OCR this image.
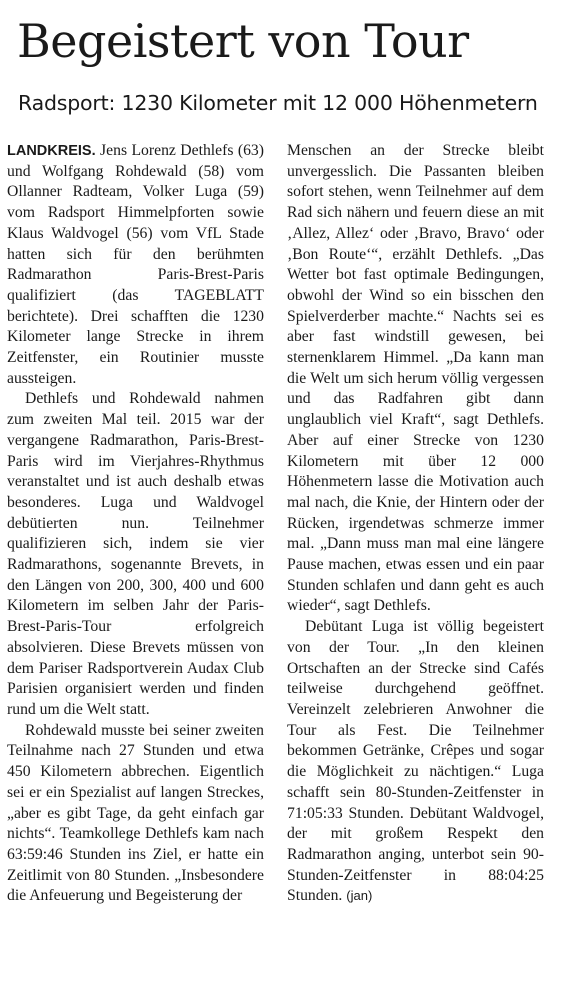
Begeistert von Tour
Radsport: 1230 Kilometer mit 12 000 Höhenmetern

LANDKREIS. Jens Lorenz Dethlefs (63) und Wolfgang Rohdewald (58) vom Ollanner Radteam, Volker Luga (59) vom Radsport Himmelpforten sowie Klaus Waldvogel (56) vom VfL Stade hatten sich für den berühmten Radmarathon Paris-Brest-Paris qualifiziert (das TAGEBLATT berichtete). Drei schafften die 1230 Kilometer lange Strecke in ihrem Zeitfenster, ein Routinier musste aussteigen.

Dethlefs und Rohdewald nahmen zum zweiten Mal teil. 2015 war der vergangene Radmarathon, Paris-Brest-Paris wird im Vierjahres-Rhythmus veranstaltet und ist auch deshalb etwas besonderes. Luga und Waldvogel debütierten nun. Teilnehmer qualifizieren sich, indem sie vier Radmarathons, sogenannte Brevets, in den Längen von 200, 300, 400 und 600 Kilometern im selben Jahr der Paris-Brest-Paris-Tour erfolgreich absolvieren. Diese Brevets müssen von dem Pariser Radsportverein Audax Club Parisien organisiert werden und finden rund um die Welt statt.

Rohdewald musste bei seiner zweiten Teilnahme nach 27 Stunden und etwa 450 Kilometern abbrechen. Eigentlich sei er ein Spezialist auf langen Streckes, „aber es gibt Tage, da geht einfach gar nichts“. Teamkollege Dethlefs kam nach 63:59:46 Stunden ins Ziel, er hatte ein Zeitlimit von 80 Stunden. „Insbesondere die Anfeuerung und Begeisterung der

Menschen an der Strecke bleibt unvergesslich. Die Passanten bleiben sofort stehen, wenn Teilnehmer auf dem Rad sich nähern und feuern diese an mit ‚Allez, Allez‘ oder ‚Bravo, Bravo‘ oder ‚Bon Route‘“, erzählt Dethlefs. „Das Wetter bot fast optimale Bedingungen, obwohl der Wind so ein bisschen den Spielverderber machte.“ Nachts sei es aber fast windstill gewesen, bei sternenklarem Himmel. „Da kann man die Welt um sich herum völlig vergessen und das Radfahren gibt dann unglaublich viel Kraft“, sagt Dethlefs. Aber auf einer Strecke von 1230 Kilometern mit über 12 000 Höhenmetern lasse die Motivation auch mal nach, die Knie, der Hintern oder der Rücken, irgendetwas schmerze immer mal. „Dann muss man mal eine längere Pause machen, etwas essen und ein paar Stunden schlafen und dann geht es auch wieder“, sagt Dethlefs.

Debütant Luga ist völlig begeistert von der Tour. „In den kleinen Ortschaften an der Strecke sind Cafés teilweise durchgehend geöffnet. Vereinzelt zelebrieren Anwohner die Tour als Fest. Die Teilnehmer bekommen Getränke, Crêpes und sogar die Möglichkeit zu nächtigen.“ Luga schafft sein 80-Stunden-Zeitfenster in 71:05:33 Stunden. Debütant Waldvogel, der mit großem Respekt den Radmarathon anging, unterbot sein 90-Stunden-Zeitfenster in 88:04:25 Stunden. (jan)
